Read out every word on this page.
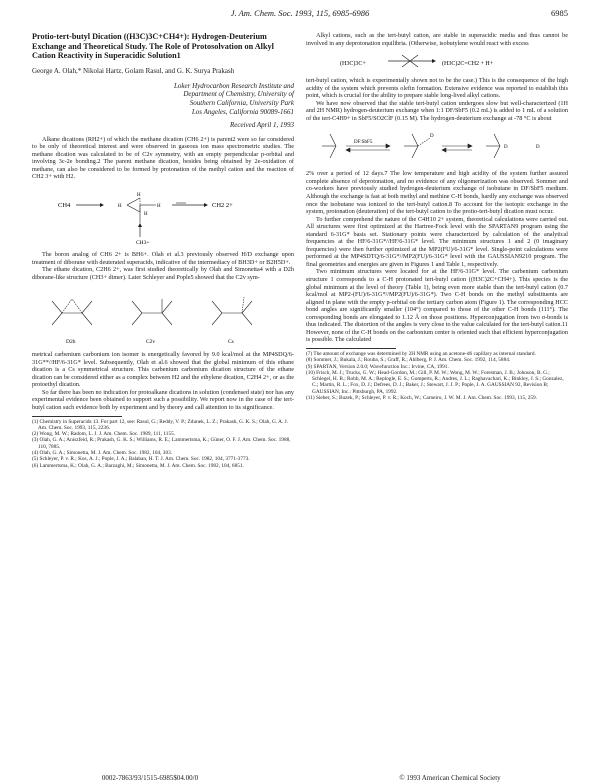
J. Am. Chem. Soc. 1993, 115, 6985-6986	6985
Protio-tert-butyl Dication ((H3C)3C+CH4+): Hydrogen-Deuterium Exchange and Theoretical Study. The Role of Protosolvation on Alkyl Cation Reactivity in Superacidic Solution1
George A. Olah,* Nikolai Hartz, Golam Rasul, and G. K. Surya Prakash
Loker Hydrocarbon Research Institute and
Department of Chemistry, University of
Southern California, University Park
Los Angeles, California 90089-1661
Received April 1, 1993

Alkane dications (RH2+) of which the methane dication (CH6 2+) is parent2 were so far considered to be only of theoretical interest and were observed in gaseous ion mass spectrometric studies. The methane dication was calculated to be of C2v symmetry, with an empty perpendicular p-orbital and involving 3c-2e bonding.2 The parent methane dication, besides being obtained by 2e-oxidation of methane, can also be considered to be formed by protonation of the methyl cation and the reaction of CH2 3+ with H2.

CH4	H	H
H
H
CH2 2+
CH3+

The boron analog of CH6 2+ is BH6+. Olah et al.3 previously observed H/D exchange upon treatment of diborane with deuterated superacids, indicative of the intermediacy of BH3D+ or B2H5D+.

The ethane dication, C2H6 2+, was first studied theoretically by Olah and Simonetta4 with a D2h diborane-like structure (CH3+ dimer). Later Schleyer and Pople5 showed that the C2v sym-

D2h	C2v	Cs

metrical carbenium carbonium ion isomer is energetically favored by 9.0 kcal/mol at the MP4SDQ/6-31G**//HF/6-31G* level. Subsequently, Olah et al.6 showed that the global minimum of this ethane dication is a Cs symmetrical structure. This carbenium carbonium dication structure of the ethane dication can be considered either as a complex between H2 and the ethylene dication, C2H4 2+, or as the protoethyl dication.

So far there has been no indication for protoalkane dications in solution (condensed state) nor has any experimental evidence been obtained to support such a possibility. We report now in the case of the tert-butyl cation such evidence both by experiment and by theory and call attention to its significance.

(1) Chemistry in Superacids 13. For part 12, see: Rasul, G.; Reddy, V. P.; Zdunek, L. Z.; Prakash, G. K. S.; Olah, G. A. J. Am. Chem. Soc. 1993, 115, 2236.
(2) Wong, M. W.; Radom, L. J. J. Am. Chem. Soc. 1989, 111, 1155.
(3) Olah, G. A.; Aniszfeld, R.; Prakash, G. K. S.; Williams, R. E.; Lammertsma, K.; Güner, O. F. J. Am. Chem. Soc. 1988, 110, 7885.
(4) Olah, G. A.; Simonetta, M. J. Am. Chem. Soc. 1982, 104, 303.
(5) Schleyer, P. v. R.; Kos, A. J.; Pople, J. A.; Balaban, H. T. J. Am. Chem. Soc. 1982, 104, 3771-3773.
(6) Lammertsma, K.; Olah, G. A.; Barzaghi, M.; Simonetta, M. J. Am. Chem. Soc. 1982, 104, 6851.

Alkyl cations, such as the tert-butyl cation, are stable in superacidic media and thus cannot be involved in any deprotonation equilibria. (Otherwise, isobutylene would react with excess

(H3C)3C+	(H3C)2C=CH2 + H+

tert-butyl cation, which is experimentally shown not to be the case.) This is the consequence of the high acidity of the system which prevents olefin formation. Extensive evidence was reported to establish this point, which is crucial for the ability to prepare stable long-lived alkyl cations.

We have now observed that the stable tert-butyl cation undergoes slow but well-characterized (1H and 2H NMR) hydrogen-deuterium exchange when 1:1 DF/SbF5 (0.2 mL) is added to 1 mL of a solution of the tert-C4H9+ in SbF5/SO2ClF (0.15 M). The hydrogen-deuterium exchange at -78 °C is about

DF:SbF5
D
D	D

2% over a period of 12 days.7 The low temperature and high acidity of the system further assured complete absence of deprotonation, and no evidence of any oligomerization was observed. Sommer and co-workers have previously studied hydrogen-deuterium exchange of isobutane in DF/SbF5 medium. Although the exchange is fast at both methyl and methine C-H bonds, hardly any exchange was observed once the isobutane was ionized to the tert-butyl cation.8 To account for the isotopic exchange in the system, protonation (deuteration) of the tert-butyl cation to the protio-tert-butyl dication must occur.

To further comprehend the nature of the C4H10 2+ system, theoretical calculations were carried out. All structures were first optimized at the Hartree-Fock level with the SPARTAN9 program using the standard 6-31G* basis set. Stationary points were characterized by calculation of the analytical frequencies at the HF/6-31G*//HF/6-31G* level. The minimum structures 1 and 2 (0 imaginary frequencies) were then further optimized at the MP2(FU)/6-31G* level. Single-point calculations were performed at the MP4SDTQ/6-31G*//MP2(FU)/6-31G* level with the GAUSSIAN9210 program. The final geometries and energies are given in Figures 1 and Table 1, respectively.

Two minimum structures were located for at the HF/6-31G* level. The carbenium carbonium structure 1 corresponds to a C-H protonated tert-butyl cation ((H3C)2C+CH4+). This species is the global minimum at the level of theory (Table 1), being even more stable than the tert-butyl cation (0.7 kcal/mol at MP2-(FU)/6-31G*//MP2(FU)/6-31G*). Two C-H bonds on the methyl substituents are aligned in plane with the empty p-orbital on the tertiary carbon atom (Figure 1). The corresponding HCC bond angles are significantly smaller (104°) compared to those of the other C-H bonds (111°). The corresponding bonds are elongated to 1.12 Å on those positions. Hyperconjugation from two σ-bonds is thus indicated. The distortion of the angles is very close to the value calculated for the tert-butyl cation.11 However, none of the C-H bonds on the carbonium center is oriented such that efficient hyperconjugation is possible. The calculated

(7) The amount of exchange was determined by 2H NMR using an acetone-d6 capillary as internal standard.
(8) Sommer, J.; Bukala, J.; Rouba, S.; Graff, R.; Ahlberg, P. J. Am. Chem. Soc. 1992, 114, 5884.
(9) SPARTAN, Version 2.0.0; Wavefunction Inc.: Irvine, CA, 1991.
(10) Frisch, M. J.; Trucks, G. W.; Head-Gordon, M.; Gill, P. M. W.; Wong, M. W.; Foresman, J. B.; Johnson, B. G.; Schlegel, H. B.; Robb, M. A.; Replogle, E. S.; Gomperts, R.; Andres, J. L.; Raghavachari, K.; Binkley, J. S.; Gonzalez, C.; Martin, R. L.; Fox, D. J.; Defrees, D. J.; Baker, J.; Stewart, J. J. P.; Pople, J. A. GAUSSIAN 92, Revision B; GAUSSIAN, Inc.: Pittsburgh, PA, 1992.
(11) Sieber, S.; Buzek, P.; Schleyer, P. v. R.; Koch, W.; Carneiro, J. W. M. J. Am. Chem. Soc. 1993, 115, 259.
0002-7863/93/1515-6985$04.00/0	© 1993 American Chemical Society
